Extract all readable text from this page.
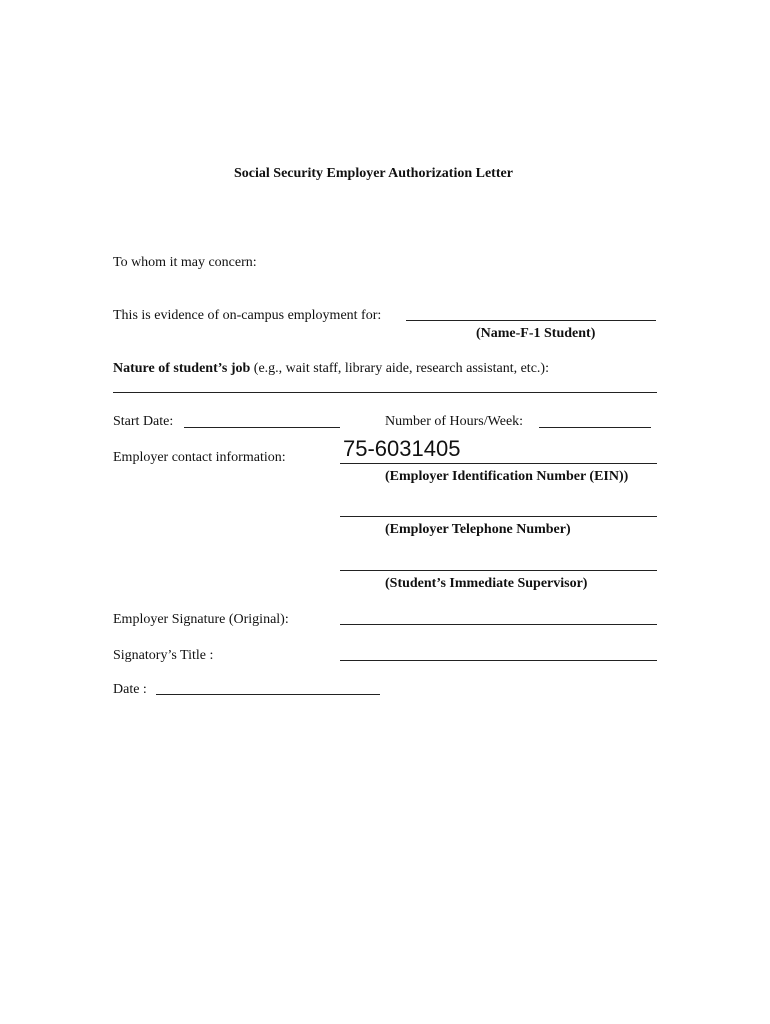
Social Security Employer Authorization Letter
To whom it may concern:
This is evidence of on-campus employment for:
(Name-F-1 Student)
Nature of student’s job (e.g., wait staff, library aide, research assistant, etc.):
Start Date:	Number of Hours/Week:
Employer contact information:	75-6031405
(Employer Identification Number (EIN))
(Employer Telephone Number)
(Student’s Immediate Supervisor)
Employer Signature (Original):
Signatory’s Title :
Date :
